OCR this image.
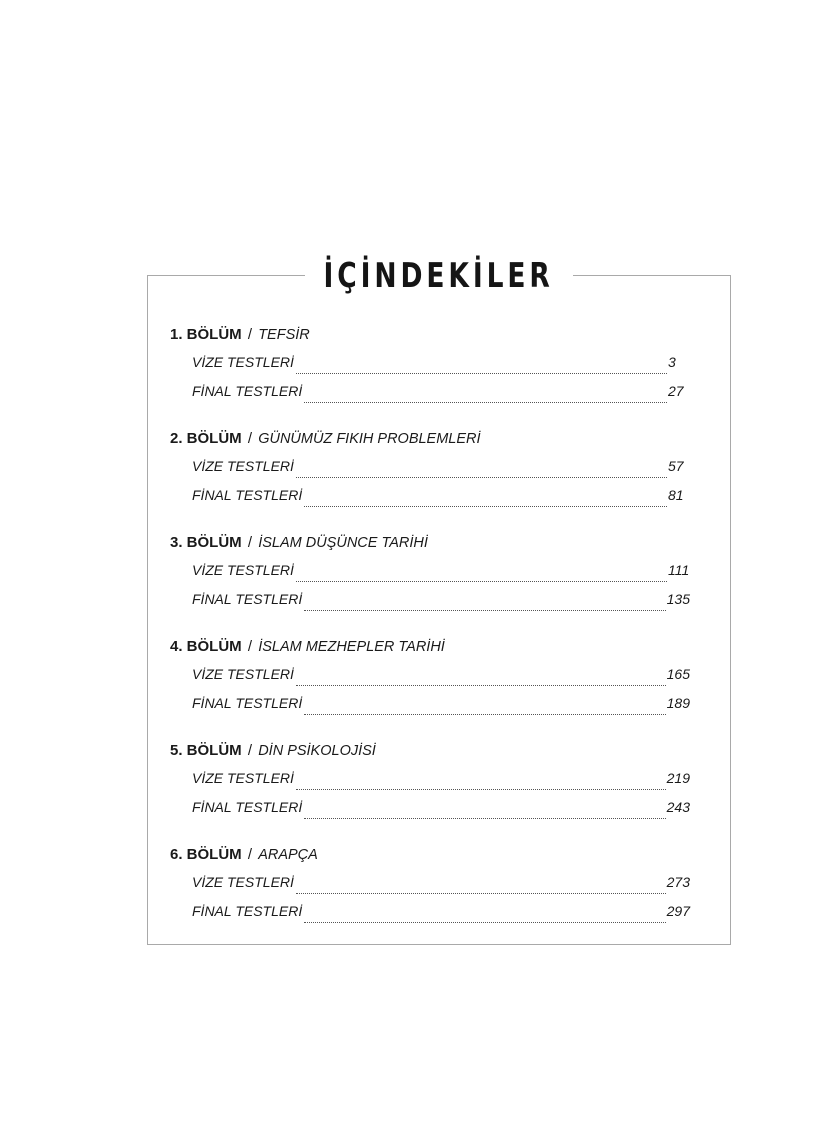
İÇİNDEKİLER
1. BÖLÜM / TEFSİR
VİZE TESTLERİ	3
FİNAL TESTLERİ	27
2. BÖLÜM / GÜNÜMÜZ FIKIH PROBLEMLERİ
VİZE TESTLERİ	57
FİNAL TESTLERİ	81
3. BÖLÜM / İSLAM DÜŞÜNCE TARİHİ
VİZE TESTLERİ	111
FİNAL TESTLERİ	135
4. BÖLÜM / İSLAM MEZHEPLER TARİHİ
VİZE TESTLERİ	165
FİNAL TESTLERİ	189
5. BÖLÜM / DİN PSİKOLOJİSİ
VİZE TESTLERİ	219
FİNAL TESTLERİ	243
6. BÖLÜM / ARAPÇA
VİZE TESTLERİ	273
FİNAL TESTLERİ	297
